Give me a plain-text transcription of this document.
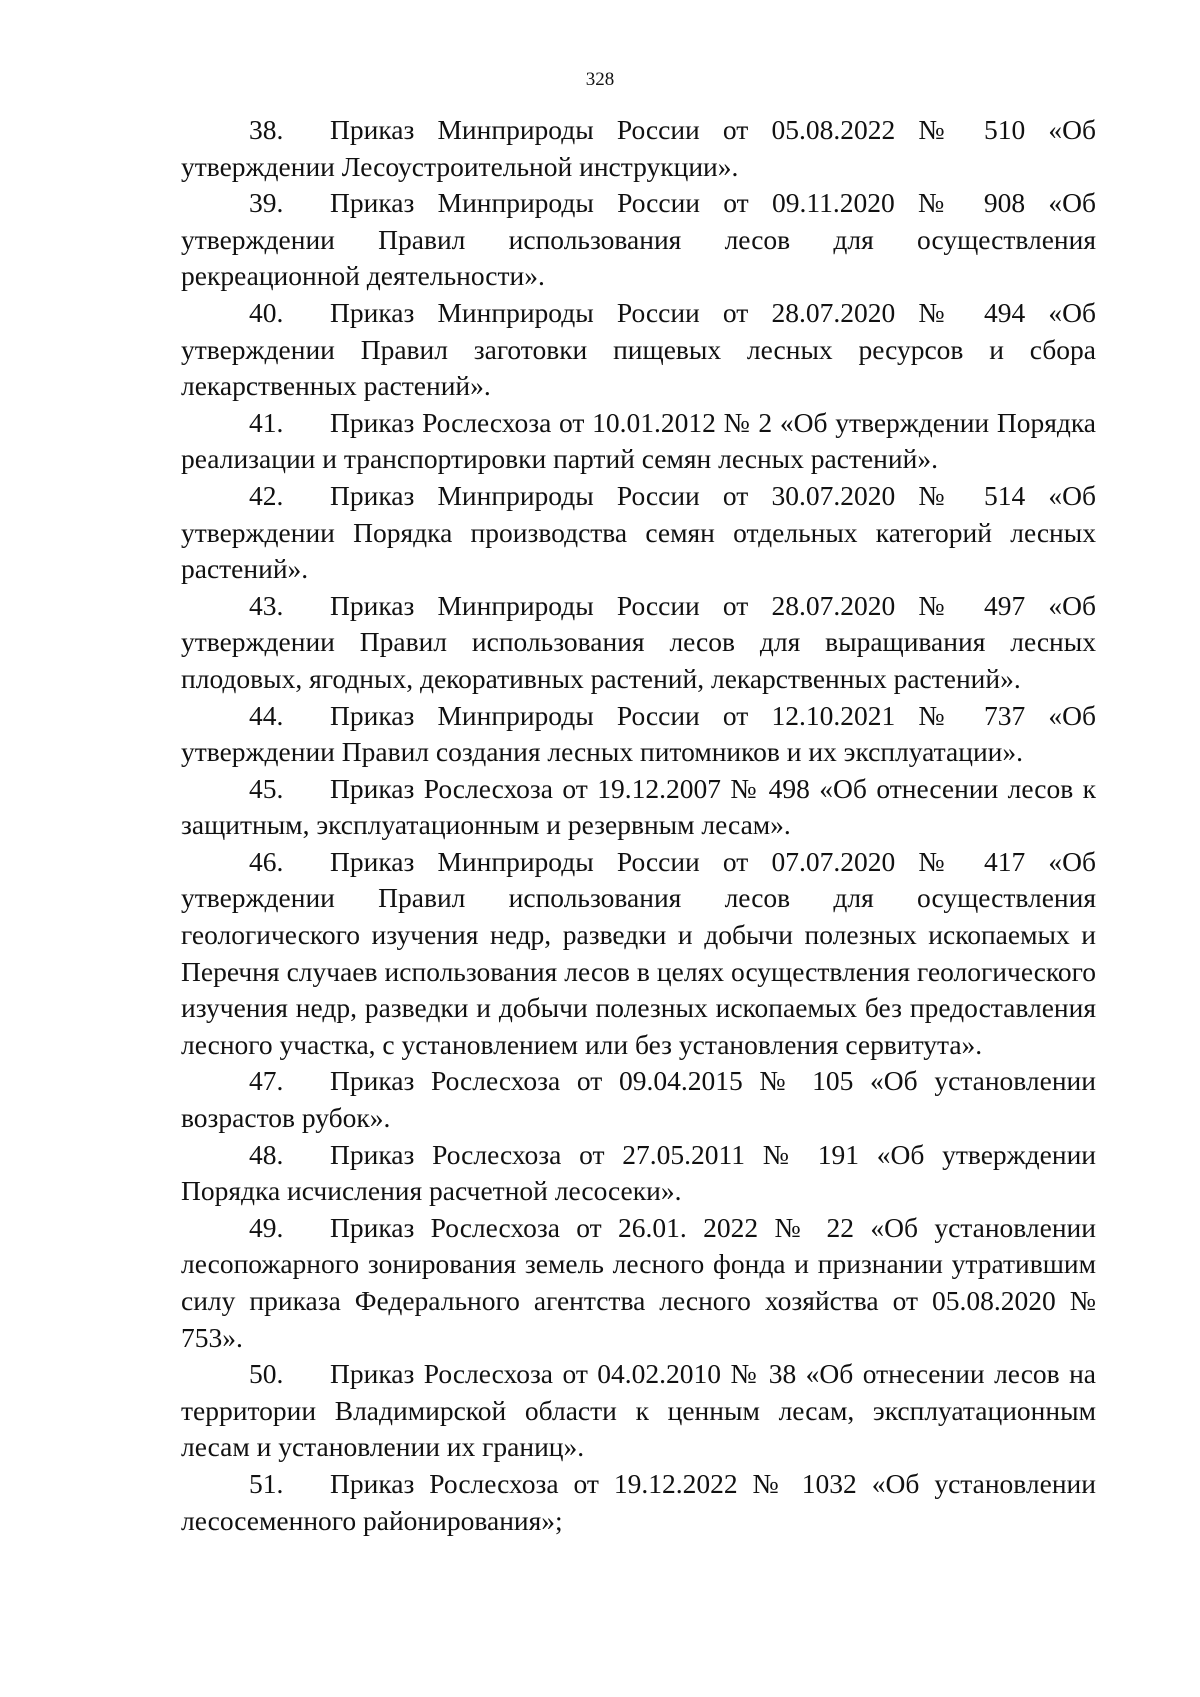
328

38. Приказ Минприроды России от 05.08.2022 № 510 «Об утверждении Лесоустроительной инструкции».

39. Приказ Минприроды России от 09.11.2020 № 908 «Об утверждении Правил использования лесов для осуществления рекреационной деятельности».

40. Приказ Минприроды России от 28.07.2020 № 494 «Об утверждении Правил заготовки пищевых лесных ресурсов и сбора лекарственных растений».

41. Приказ Рослесхоза от 10.01.2012 № 2 «Об утверждении Порядка реализации и транспортировки партий семян лесных растений».

42. Приказ Минприроды России от 30.07.2020 № 514 «Об утверждении Порядка производства семян отдельных категорий лесных растений».

43. Приказ Минприроды России от 28.07.2020 № 497 «Об утверждении Правил использования лесов для выращивания лесных плодовых, ягодных, декоративных растений, лекарственных растений».

44. Приказ Минприроды России от 12.10.2021 № 737 «Об утверждении Правил создания лесных питомников и их эксплуатации».

45. Приказ Рослесхоза от 19.12.2007 № 498 «Об отнесении лесов к защитным, эксплуатационным и резервным лесам».

46. Приказ Минприроды России от 07.07.2020 № 417 «Об утверждении Правил использования лесов для осуществления геологического изучения недр, разведки и добычи полезных ископаемых и Перечня случаев использования лесов в целях осуществления геологического изучения недр, разведки и добычи полезных ископаемых без предоставления лесного участка, с установлением или без установления сервитута».

47. Приказ Рослесхоза от 09.04.2015 № 105 «Об установлении возрастов рубок».

48. Приказ Рослесхоза от 27.05.2011 № 191 «Об утверждении Порядка исчисления расчетной лесосеки».

49. Приказ Рослесхоза от 26.01. 2022 № 22 «Об установлении лесопожарного зонирования земель лесного фонда и признании утратившим силу приказа Федерального агентства лесного хозяйства от 05.08.2020 № 753».

50. Приказ Рослесхоза от 04.02.2010 № 38 «Об отнесении лесов на территории Владимирской области к ценным лесам, эксплуатационным лесам и установлении их границ».

51. Приказ Рослесхоза от 19.12.2022 № 1032 «Об установлении лесосеменного районирования»;
